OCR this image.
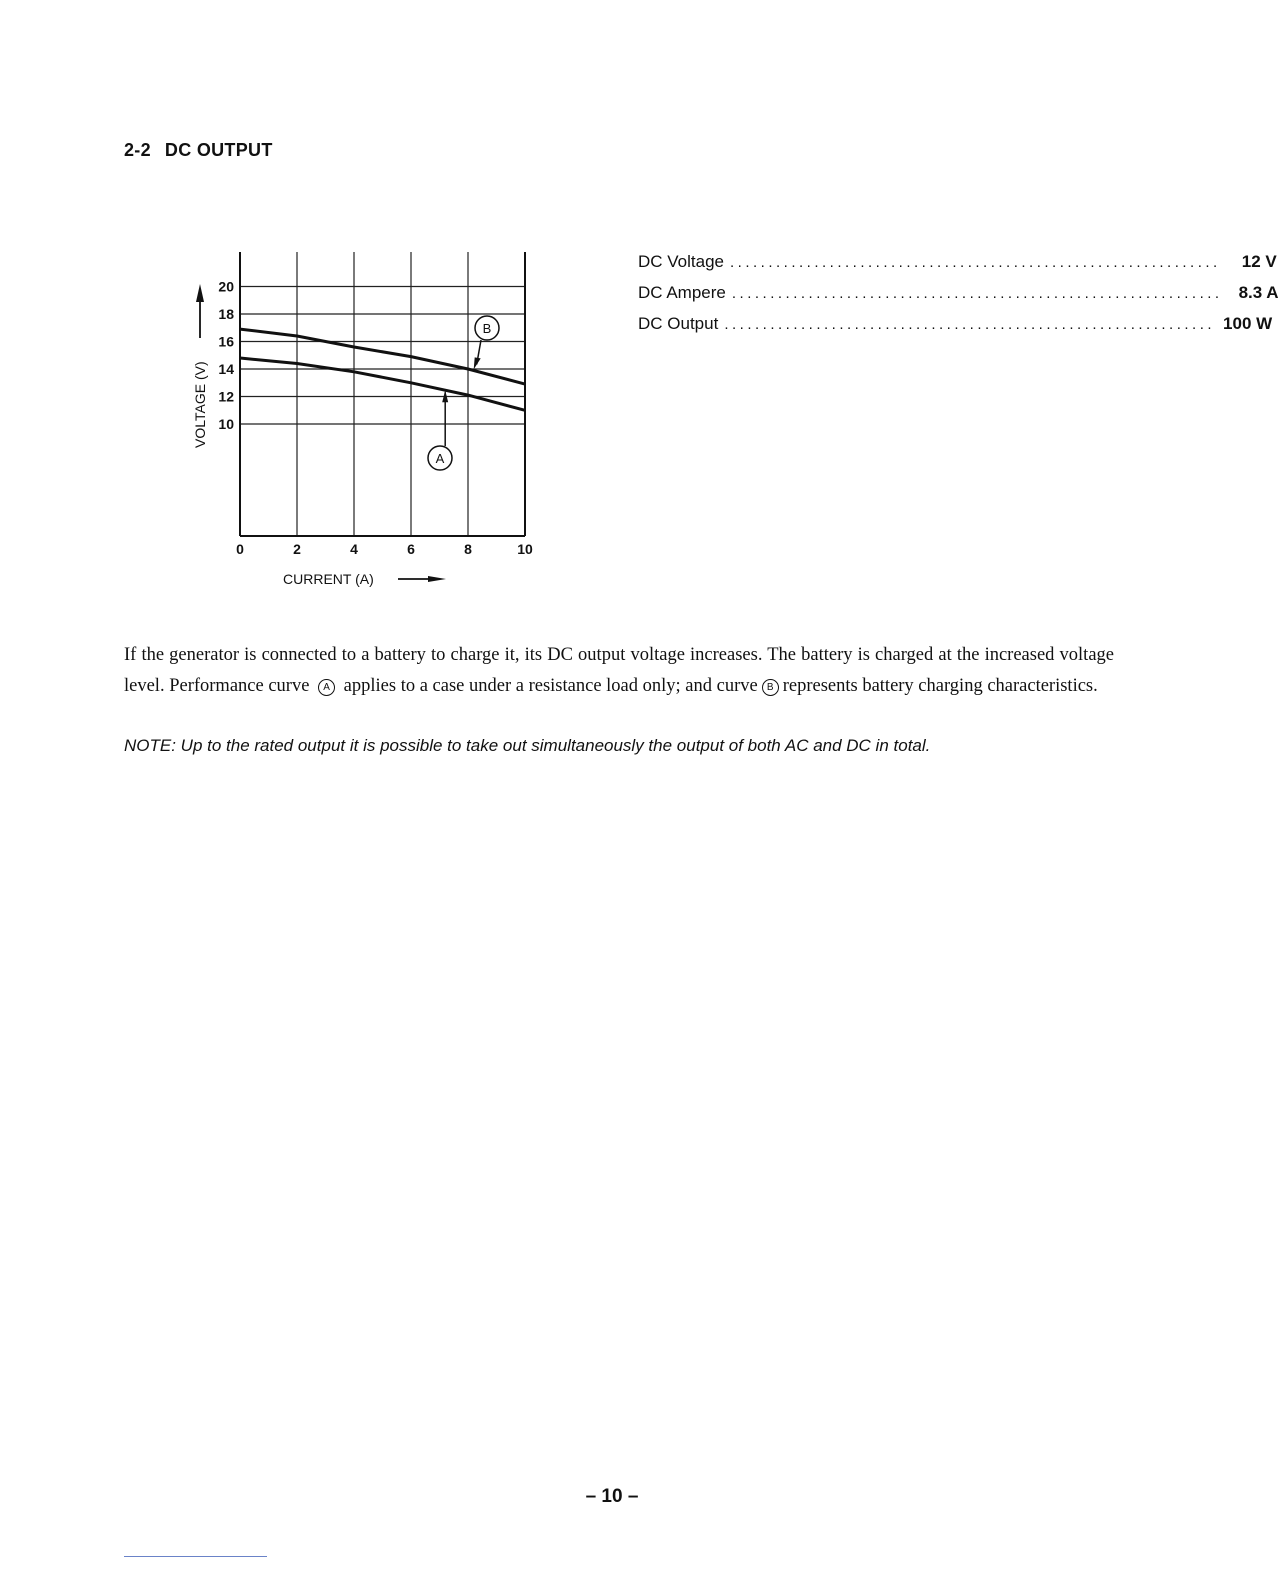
2-2 DC OUTPUT
0	2	4	6	8	10
10
12
14
16
18
20
CURRENT (A)
VOLTAGE (V)
B
A
DC Voltage ................................................................	12 V
DC Ampere ................................................................ 8.3 A
DC Output ................................................................ 100 W
If the generator is connected to a battery to charge it, its DC output voltage increases. The battery is charged at the increased voltage level. Performance curve A applies to a case under a resistance load only; and curve B represents battery charging characteristics.
NOTE: Up to the rated output it is possible to take out simultaneously the output of both AC and DC in total.
– 10 –
